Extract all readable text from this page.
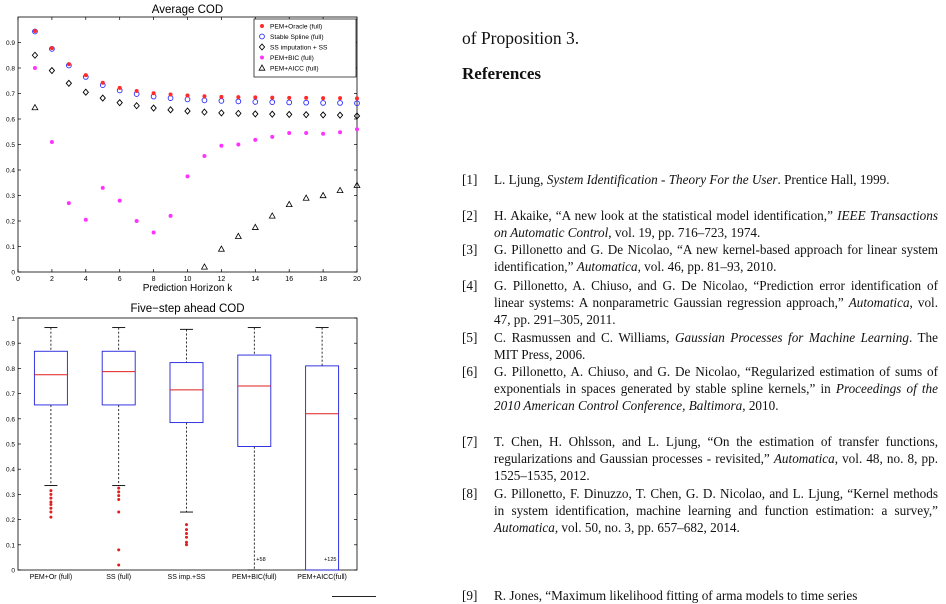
Average COD
0	2	4	6	8	10	12	14	16	18	20
0
0.1
0.2
0.3
0.4
0.5
0.6
0.7
0.8
0.9
Prediction Horizon k
PEM+Oracle (full)
Stable Spline (full)
SS imputation + SS
PEM+BIC (full)
PEM+AICC (full)
Five−step ahead COD
0
0.1
0.2
0.3
0.4
0.5
0.6
0.7
0.8
0.9
1
PEM+Or (full)	SS (full)	SS imp.+SS
+58
PEM+BIC(full)
+125
PEM+AICC(full)

of Proposition 3.

References
[1] L. Ljung, System Identification - Theory For the User. Prentice Hall, 1999.
[2] H. Akaike, “A new look at the statistical model identification,” IEEE Transactions on Automatic Control, vol. 19, pp. 716–723, 1974.
[3] G. Pillonetto and G. De Nicolao, “A new kernel-based approach for linear system identification,” Automatica, vol. 46, pp. 81–93, 2010.
[4] G. Pillonetto, A. Chiuso, and G. De Nicolao, “Prediction error identification of linear systems: A nonparametric Gaussian regression approach,” Automatica, vol. 47, pp. 291–305, 2011.
[5] C. Rasmussen and C. Williams, Gaussian Processes for Machine Learning. The MIT Press, 2006.
[6] G. Pillonetto, A. Chiuso, and G. De Nicolao, “Regularized estimation of sums of exponentials in spaces generated by stable spline kernels,” in Proceedings of the 2010 American Control Conference, Baltimora, 2010.
[7] T. Chen, H. Ohlsson, and L. Ljung, “On the estimation of transfer functions, regularizations and Gaussian processes - revisited,” Automatica, vol. 48, no. 8, pp. 1525–1535, 2012.
[8] G. Pillonetto, F. Dinuzzo, T. Chen, G. D. Nicolao, and L. Ljung, “Kernel methods in system identification, machine learning and function estimation: a survey,” Automatica, vol. 50, no. 3, pp. 657–682, 2014.
[9] R. Jones, “Maximum likelihood fitting of arma models to time series
